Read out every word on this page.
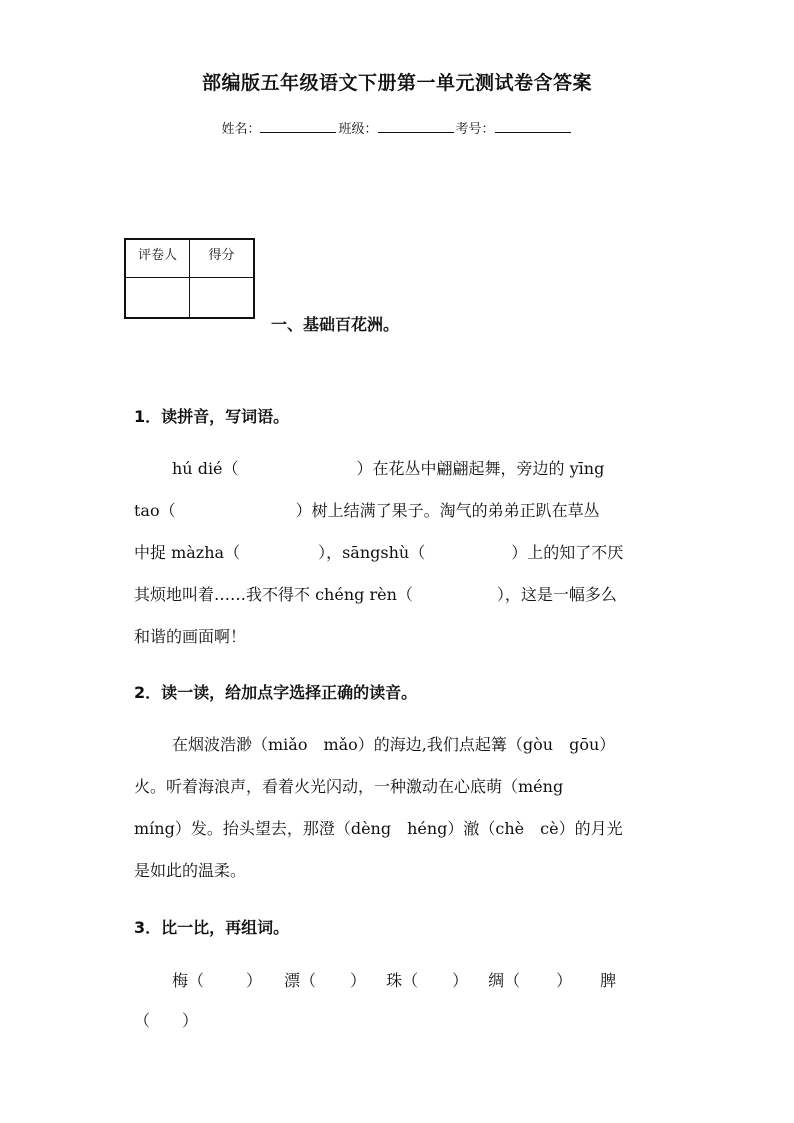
部编版五年级语文下册第一单元测试卷含答案
姓名：	班级：	考号：
评卷人	得分

一、基础百花洲。
1．读拼音，写词语。
hú dié（	）在花丛中翩翩起舞，旁边的 yīng
tao（	）树上结满了果子。淘气的弟弟正趴在草丛
中捉 màzha（	），sāngshù（	）上的知了不厌
其烦地叫着……我不得不 chéng rèn（	），这是一幅多么
和谐的画面啊！
2．读一读，给加点字选择正确的读音。
在烟波浩渺（miǎo　mǎo）的海边,我们点起篝（gòu　gōu）
火。听着海浪声，看着火光闪动，一种激动在心底萌（méng
míng）发。抬头望去，那澄（dèng　héng）澈（chè　cè）的月光
是如此的温柔。
3．比一比，再组词。
梅（	） 漂（ ） 珠（ ） 绸（ ） 脾
（　　）
